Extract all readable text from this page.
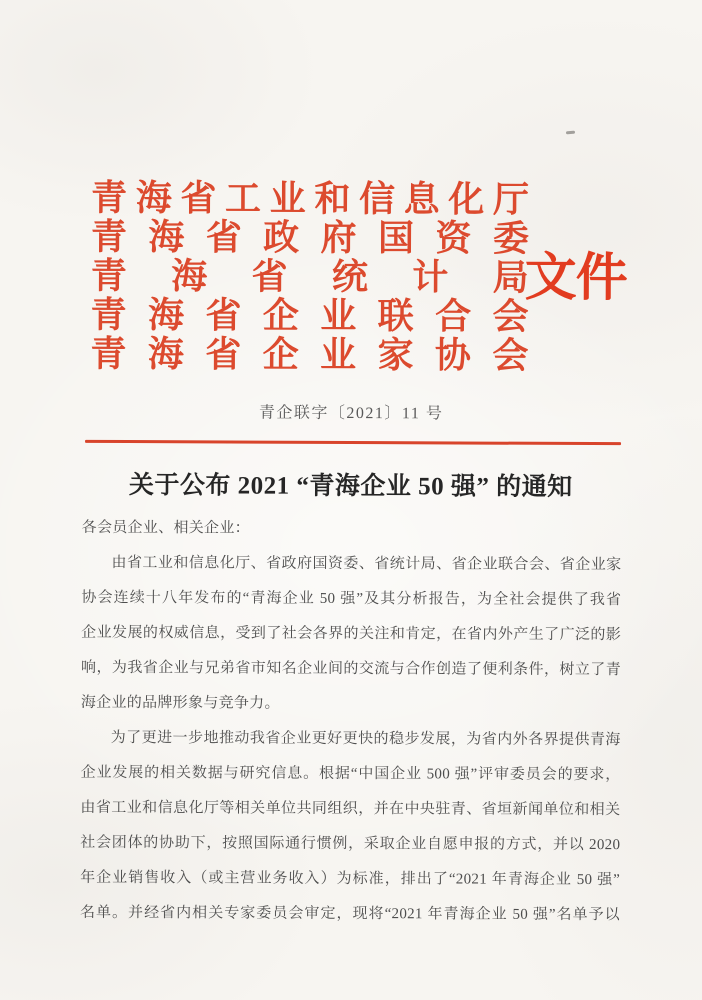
青 海 省 工 业 和 信 息 化 厅
青 海 省 政 府 国 资 委
青 海 省 统 计 局
青 海 省 企 业 联 合 会
青 海 省 企 业 家 协 会
文件
青企联字〔2021〕11 号
关于公布 2021 “青海企业 50 强” 的通知
各会员企业、相关企业：
由省工业和信息化厅、省政府国资委、省统计局、省企业联合会、省企业家
协会连续十八年发布的“青海企业 50 强”及其分析报告，为全社会提供了我省
企业发展的权威信息，受到了社会各界的关注和肯定，在省内外产生了广泛的影
响，为我省企业与兄弟省市知名企业间的交流与合作创造了便利条件，树立了青
海企业的品牌形象与竞争力。
为了更进一步地推动我省企业更好更快的稳步发展，为省内外各界提供青海
企业发展的相关数据与研究信息。根据“中国企业 500 强”评审委员会的要求，
由省工业和信息化厅等相关单位共同组织，并在中央驻青、省垣新闻单位和相关
社会团体的协助下，按照国际通行惯例，采取企业自愿申报的方式，并以 2020
年企业销售收入（或主营业务收入）为标准，排出了“2021 年青海企业 50 强”
名单。并经省内相关专家委员会审定，现将“2021 年青海企业 50 强”名单予以
